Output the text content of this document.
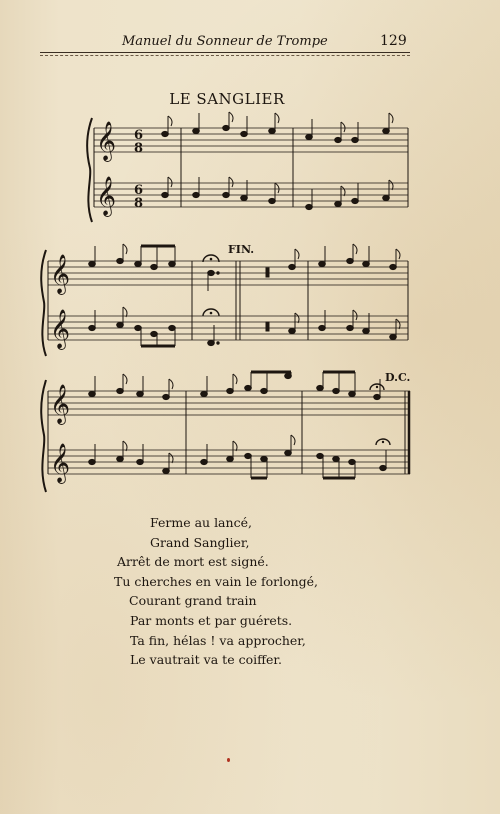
Manuel du Sonneur de Trompe	129
LE SANGLIER
𝄞
𝄞
6
8
6
8
𝄞
𝄞
FIN.
𝄞
𝄞
D.C.
Ferme au lancé,
Grand Sanglier,
Arrêt de mort est signé.
Tu cherches en vain le forlongé,
Courant grand train
Par monts et par guérets.
Ta fin, hélas ! va approcher,
Le vautrait va te coiffer.
